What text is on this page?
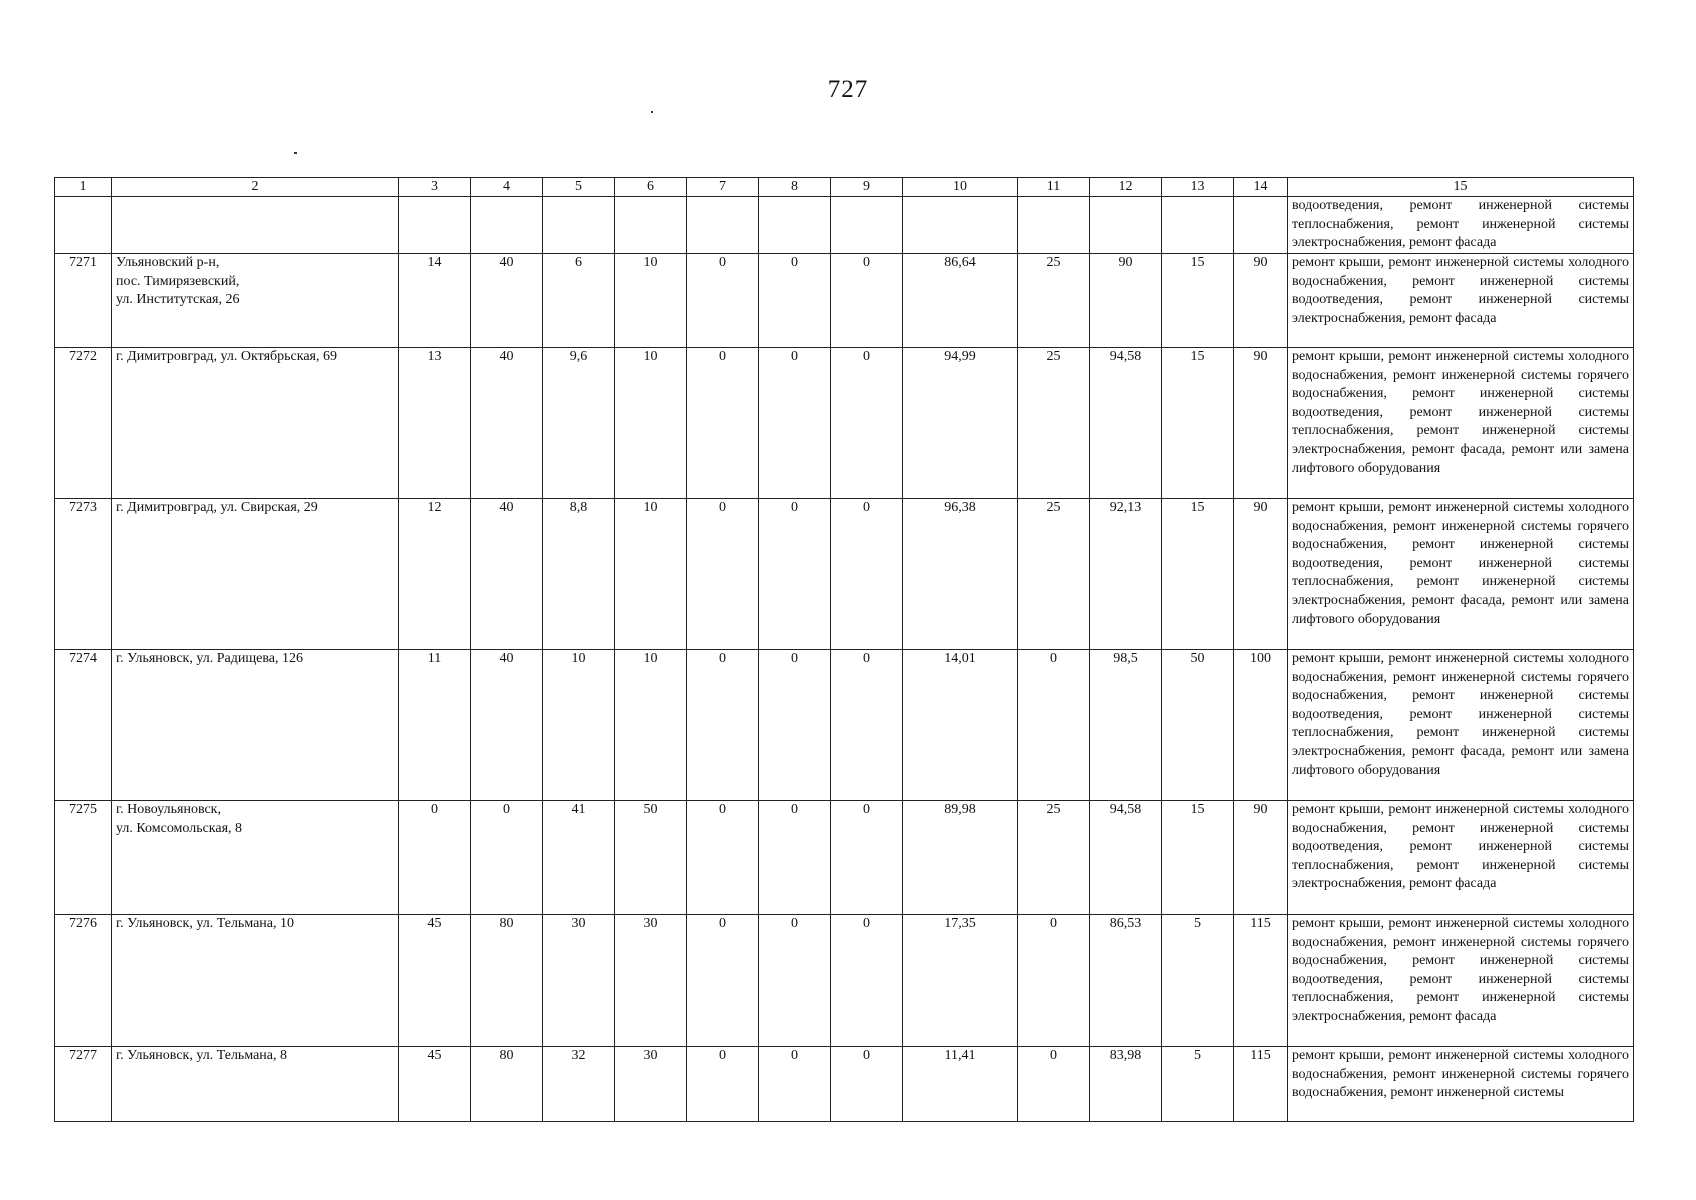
727
1	2	3	4	5	6	7	8	9	10	11	12	13	14	15
														водоотведения, ремонт инженерной системы теплоснабжения, ремонт инженерной системы электроснабжения, ремонт фасада
7271	Ульяновский р-н,
пос. Тимирязевский,
ул. Институтская, 26	14	40	6	10	0	0	0	86,64	25	90	15	90	ремонт крыши, ремонт инженерной системы холодного водоснабжения, ремонт инженерной системы водоотведения, ремонт инженерной системы электроснабжения, ремонт фасада
7272	г. Димитровград, ул. Октябрьская, 69	13	40	9,6	10	0	0	0	94,99	25	94,58	15	90	ремонт крыши, ремонт инженерной системы холодного водоснабжения, ремонт инженерной системы горячего водоснабжения, ремонт инженерной системы водоотведения, ремонт инженерной системы теплоснабжения, ремонт инженерной системы электроснабжения, ремонт фасада, ремонт или замена лифтового оборудования
7273	г. Димитровград, ул. Свирская, 29	12	40	8,8	10	0	0	0	96,38	25	92,13	15	90	ремонт крыши, ремонт инженерной системы холодного водоснабжения, ремонт инженерной системы горячего водоснабжения, ремонт инженерной системы водоотведения, ремонт инженерной системы теплоснабжения, ремонт инженерной системы электроснабжения, ремонт фасада, ремонт или замена лифтового оборудования
7274	г. Ульяновск, ул. Радищева, 126	11	40	10	10	0	0	0	14,01	0	98,5	50	100	ремонт крыши, ремонт инженерной системы холодного водоснабжения, ремонт инженерной системы горячего водоснабжения, ремонт инженерной системы водоотведения, ремонт инженерной системы теплоснабжения, ремонт инженерной системы электроснабжения, ремонт фасада, ремонт или замена лифтового оборудования
7275	г. Новоульяновск,
ул. Комсомольская, 8	0	0	41	50	0	0	0	89,98	25	94,58	15	90	ремонт крыши, ремонт инженерной системы холодного водоснабжения, ремонт инженерной системы водоотведения, ремонт инженерной системы теплоснабжения, ремонт инженерной системы электроснабжения, ремонт фасада
7276	г. Ульяновск, ул. Тельмана, 10	45	80	30	30	0	0	0	17,35	0	86,53	5	115	ремонт крыши, ремонт инженерной системы холодного водоснабжения, ремонт инженерной системы горячего водоснабжения, ремонт инженерной системы водоотведения, ремонт инженерной системы теплоснабжения, ремонт инженерной системы электроснабжения, ремонт фасада
7277	г. Ульяновск, ул. Тельмана, 8	45	80	32	30	0	0	0	11,41	0	83,98	5	115	ремонт крыши, ремонт инженерной системы холодного водоснабжения, ремонт инженерной системы горячего водоснабжения, ремонт инженерной системы
